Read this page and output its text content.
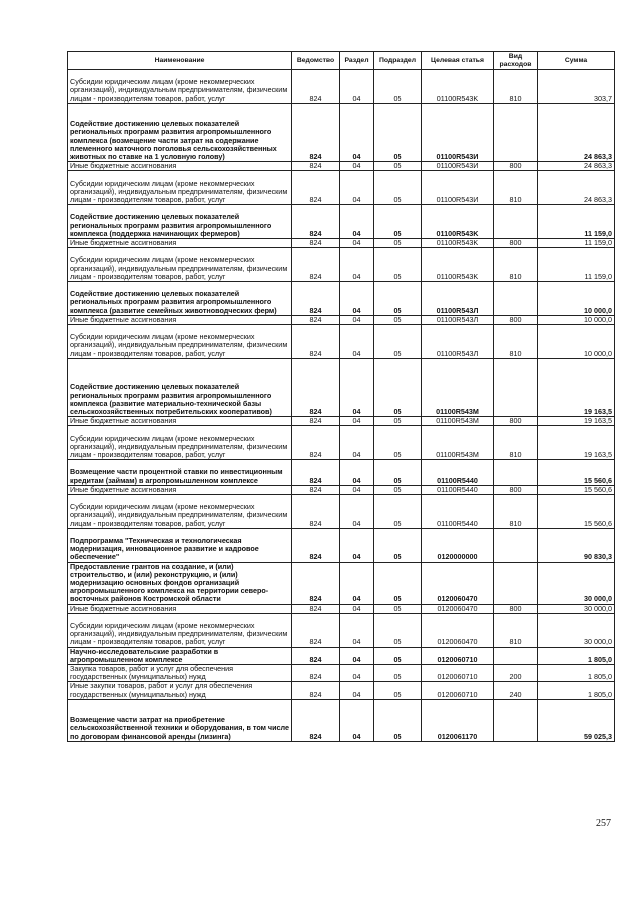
Наименование	Ведомство	Раздел	Подраздел	Целевая статья	Вид расходов	Сумма
Субсидии юридическим лицам (кроме некоммерческих организаций), индивидуальным предпринимателям, физическим лицам - производителям товаров, работ, услуг	824	04	05	01100R543K	810	303,7
Содействие достижению целевых показателей региональных программ развития агропромышленного комплекса (возмещение части затрат на содержание племенного маточного поголовья сельскохозяйственных животных по ставке на 1 условную голову)	824	04	05	01100R543И		24 863,3
Иные бюджетные ассигнования	824	04	05	01100R543И	800	24 863,3
Субсидии юридическим лицам (кроме некоммерческих организаций), индивидуальным предпринимателям, физическим лицам - производителям товаров, работ, услуг	824	04	05	01100R543И	810	24 863,3
Содействие достижению целевых показателей региональных программ развития агропромышленного комплекса (поддержка начинающих фермеров)	824	04	05	01100R543K		11 159,0
Иные бюджетные ассигнования	824	04	05	01100R543K	800	11 159,0
Субсидии юридическим лицам (кроме некоммерческих организаций), индивидуальным предпринимателям, физическим лицам - производителям товаров, работ, услуг	824	04	05	01100R543K	810	11 159,0
Содействие достижению целевых показателей региональных программ развития агропромышленного комплекса (развитие семейных животноводческих ферм)	824	04	05	01100R543Л		10 000,0
Иные бюджетные ассигнования	824	04	05	01100R543Л	800	10 000,0
Субсидии юридическим лицам (кроме некоммерческих организаций), индивидуальным предпринимателям, физическим лицам - производителям товаров, работ, услуг	824	04	05	01100R543Л	810	10 000,0
Содействие достижению целевых показателей региональных программ развития агропромышленного комплекса (развитие материально-технической базы сельскохозяйственных потребительских кооперативов)	824	04	05	01100R543M		19 163,5
Иные бюджетные ассигнования	824	04	05	01100R543M	800	19 163,5
Субсидии юридическим лицам (кроме некоммерческих организаций), индивидуальным предпринимателям, физическим лицам - производителям товаров, работ, услуг	824	04	05	01100R543M	810	19 163,5
Возмещение части процентной ставки по инвестиционным кредитам (займам) в агропромышленном комплексе	824	04	05	01100R5440		15 560,6
Иные бюджетные ассигнования	824	04	05	01100R5440	800	15 560,6
Субсидии юридическим лицам (кроме некоммерческих организаций), индивидуальным предпринимателям, физическим лицам - производителям товаров, работ, услуг	824	04	05	01100R5440	810	15 560,6
Подпрограмма "Техническая и технологическая модернизация, инновационное развитие и кадровое обеспечение"	824	04	05	0120000000		90 830,3
Предоставление грантов на создание, и (или) строительство, и (или) реконструкцию, и (или) модернизацию основных фондов организаций агропромышленного комплекса на территории северо-восточных районов Костромской области	824	04	05	0120060470		30 000,0
Иные бюджетные ассигнования	824	04	05	0120060470	800	30 000,0
Субсидии юридическим лицам (кроме некоммерческих организаций), индивидуальным предпринимателям, физическим лицам - производителям товаров, работ, услуг	824	04	05	0120060470	810	30 000,0
Научно-исследовательские разработки в агропромышленном комплексе	824	04	05	0120060710		1 805,0
Закупка товаров, работ и услуг для обеспечения государственных (муниципальных) нужд	824	04	05	0120060710	200	1 805,0
Иные закупки товаров, работ и услуг для обеспечения государственных (муниципальных) нужд	824	04	05	0120060710	240	1 805,0
Возмещение части затрат на приобретение сельскохозяйственной техники и оборудования, в том числе по договорам финансовой аренды (лизинга)	824	04	05	0120061170		59 025,3
257
